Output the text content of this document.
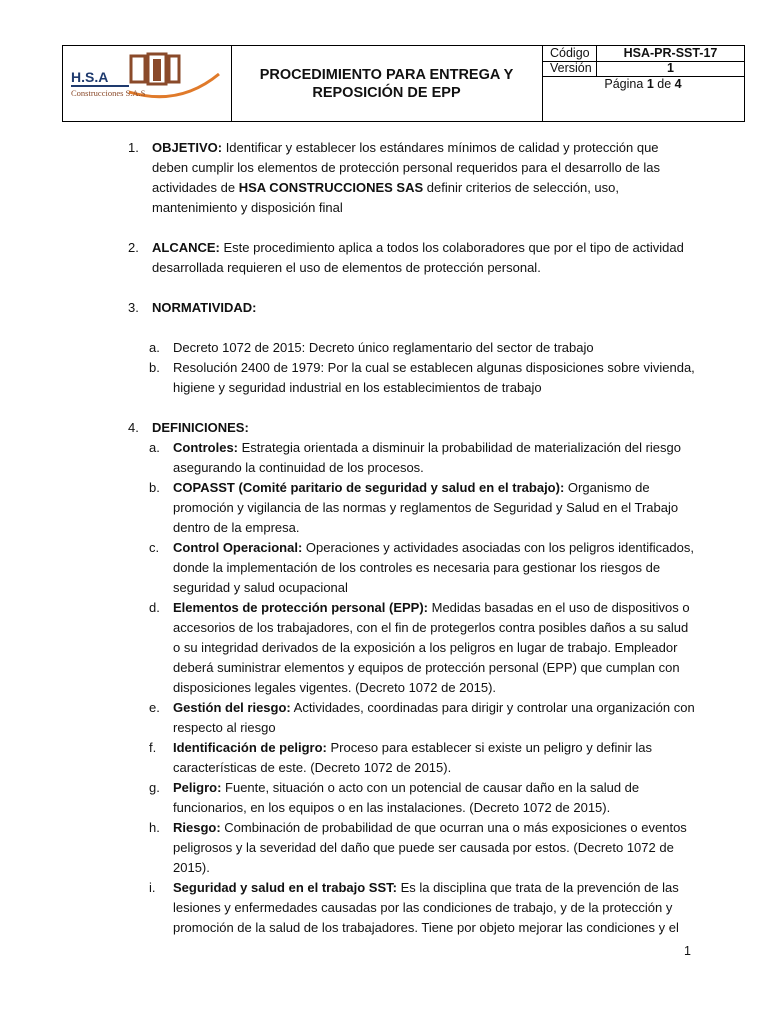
H.S.A
Construcciones S.A.S
PROCEDIMIENTO PARA ENTREGA Y
REPOSICIÓN DE EPP
Código	HSA-PR-SST-17
Versión	1
Página 1 de 4
1. OBJETIVO: Identificar y establecer los estándares mínimos de calidad y protección que deben cumplir los elementos de protección personal requeridos para el desarrollo de las actividades de HSA CONSTRUCCIONES SAS definir criterios de selección, uso, mantenimiento y disposición final
2. ALCANCE: Este procedimiento aplica a todos los colaboradores que por el tipo de actividad desarrollada requieren el uso de elementos de protección personal.
3. NORMATIVIDAD:
a. Decreto 1072 de 2015: Decreto único reglamentario del sector de trabajo
b. Resolución 2400 de 1979: Por la cual se establecen algunas disposiciones sobre vivienda, higiene y seguridad industrial en los establecimientos de trabajo
4. DEFINICIONES:
a. Controles: Estrategia orientada a disminuir la probabilidad de materialización del riesgo asegurando la continuidad de los procesos.
b. COPASST (Comité paritario de seguridad y salud en el trabajo): Organismo de promoción y vigilancia de las normas y reglamentos de Seguridad y Salud en el Trabajo dentro de la empresa.
c. Control Operacional: Operaciones y actividades asociadas con los peligros identificados, donde la implementación de los controles es necesaria para gestionar los riesgos de seguridad y salud ocupacional
d. Elementos de protección personal (EPP): Medidas basadas en el uso de dispositivos o accesorios de los trabajadores, con el fin de protegerlos contra posibles daños a su salud o su integridad derivados de la exposición a los peligros en lugar de trabajo. Empleador deberá suministrar elementos y equipos de protección personal (EPP) que cumplan con disposiciones legales vigentes. (Decreto 1072 de 2015).
e. Gestión del riesgo: Actividades, coordinadas para dirigir y controlar una organización con respecto al riesgo
f. Identificación de peligro: Proceso para establecer si existe un peligro y definir las características de este. (Decreto 1072 de 2015).
g. Peligro: Fuente, situación o acto con un potencial de causar daño en la salud de funcionarios, en los equipos o en las instalaciones. (Decreto 1072 de 2015).
h. Riesgo: Combinación de probabilidad de que ocurran una o más exposiciones o eventos peligrosos y la severidad del daño que puede ser causada por estos. (Decreto 1072 de 2015).
i. Seguridad y salud en el trabajo SST: Es la disciplina que trata de la prevención de las lesiones y enfermedades causadas por las condiciones de trabajo, y de la protección y promoción de la salud de los trabajadores. Tiene por objeto mejorar las condiciones y el
1
